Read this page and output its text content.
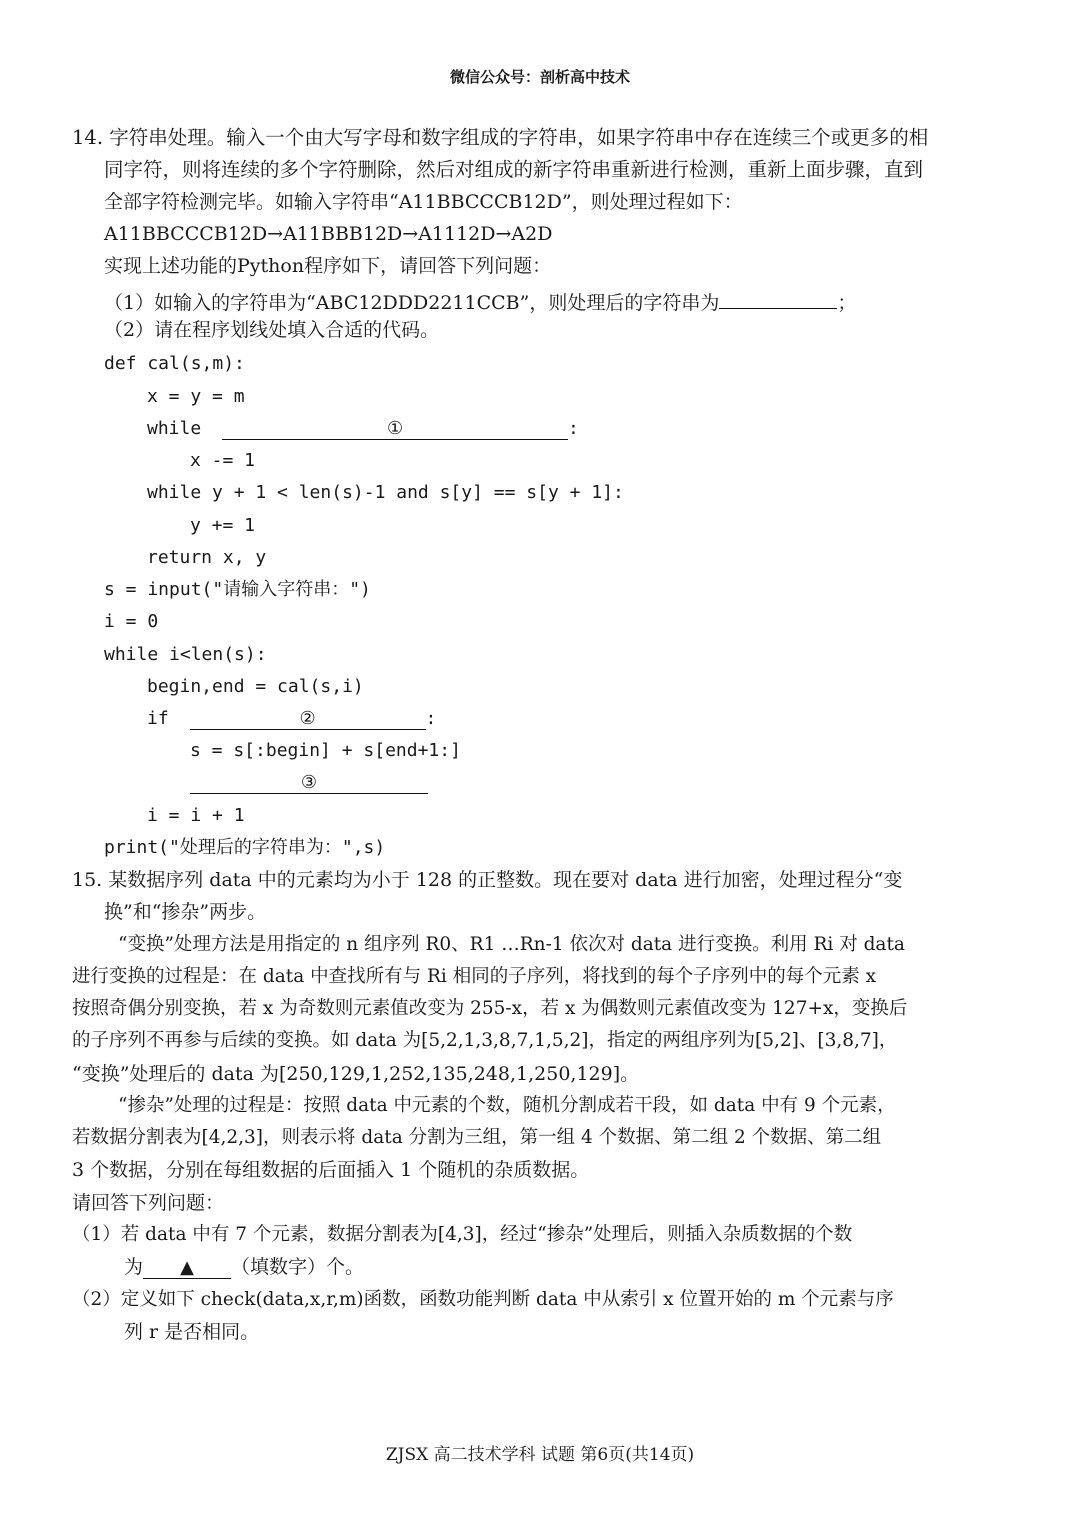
微信公众号：剖析高中技术
14. 字符串处理。输入一个由大写字母和数字组成的字符串，如果字符串中存在连续三个或更多的相
同字符，则将连续的多个字符删除，然后对组成的新字符串重新进行检测，重新上面步骤，直到
全部字符检测完毕。如输入字符串“A11BBCCCB12D”，则处理过程如下：
A11BBCCCB12D→A11BBB12D→A1112D→A2D
实现上述功能的Python程序如下，请回答下列问题：
（1）如输入的字符串为“ABC12DDD2211CCB”，则处理后的字符串为	；
（2）请在程序划线处填入合适的代码。
def cal(s,m):
x = y = m
while	①	:
x -= 1
while y + 1 < len(s)-1 and s[y] == s[y + 1]:
y += 1
return x, y
s = input("请输入字符串：")
i = 0
while i<len(s):
begin,end = cal(s,i)
if	②	:
s = s[:begin] + s[end+1:]
③
i = i + 1
print("处理后的字符串为：",s)
15. 某数据序列 data 中的元素均为小于 128 的正整数。现在要对 data 进行加密，处理过程分“变
换”和“掺杂”两步。
“变换”处理方法是用指定的 n 组序列 R0、R1 …Rn-1 依次对 data 进行变换。利用 Ri 对 data
进行变换的过程是：在 data 中查找所有与 Ri 相同的子序列，将找到的每个子序列中的每个元素 x
按照奇偶分别变换，若 x 为奇数则元素值改变为 255-x，若 x 为偶数则元素值改变为 127+x，变换后
的子序列不再参与后续的变换。如 data 为[5,2,1,3,8,7,1,5,2]，指定的两组序列为[5,2]、[3,8,7]，
“变换”处理后的 data 为[250,129,1,252,135,248,1,250,129]。
“掺杂”处理的过程是：按照 data 中元素的个数，随机分割成若干段，如 data 中有 9 个元素，
若数据分割表为[4,2,3]，则表示将 data 分割为三组，第一组 4 个数据、第二组 2 个数据、第二组
3 个数据，分别在每组数据的后面插入 1 个随机的杂质数据。
请回答下列问题：
（1）若 data 中有 7 个元素，数据分割表为[4,3]，经过“掺杂”处理后，则插入杂质数据的个数
为 ▲ （填数字）个。
（2）定义如下 check(data,x,r,m)函数，函数功能判断 data 中从索引 x 位置开始的 m 个元素与序
列 r 是否相同。
ZJSX 高二技术学科 试题 第6页(共14页)
